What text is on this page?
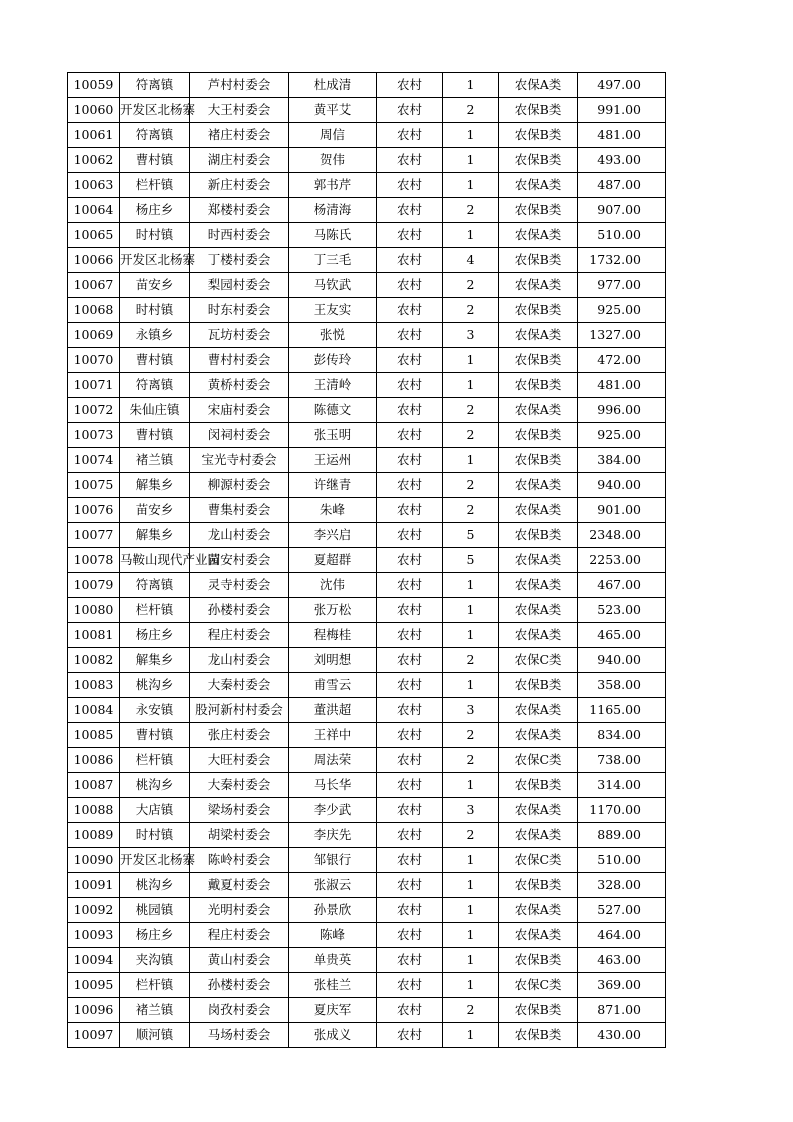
10059	符离镇	芦村村委会	杜成清	农村	1	农保A类	497.00
10060	开发区北杨寨	大王村委会	黄平艾	农村	2	农保B类	991.00
10061	符离镇	褚庄村委会	周信	农村	1	农保B类	481.00
10062	曹村镇	湖庄村委会	贺伟	农村	1	农保B类	493.00
10063	栏杆镇	新庄村委会	郭书芹	农村	1	农保A类	487.00
10064	杨庄乡	郑楼村委会	杨清海	农村	2	农保B类	907.00
10065	时村镇	时西村委会	马陈氏	农村	1	农保A类	510.00
10066	开发区北杨寨	丁楼村委会	丁三毛	农村	4	农保B类	1732.00
10067	苗安乡	梨园村委会	马钦武	农村	2	农保A类	977.00
10068	时村镇	时东村委会	王友实	农村	2	农保B类	925.00
10069	永镇乡	瓦坊村委会	张悦	农村	3	农保A类	1327.00
10070	曹村镇	曹村村委会	彭传玲	农村	1	农保B类	472.00
10071	符离镇	黄桥村委会	王清岭	农村	1	农保B类	481.00
10072	朱仙庄镇	宋庙村委会	陈德文	农村	2	农保A类	996.00
10073	曹村镇	闵祠村委会	张玉明	农村	2	农保B类	925.00
10074	褚兰镇	宝光寺村委会	王运州	农村	1	农保B类	384.00
10075	解集乡	柳源村委会	许继青	农村	2	农保A类	940.00
10076	苗安乡	曹集村委会	朱峰	农村	2	农保A类	901.00
10077	解集乡	龙山村委会	李兴启	农村	5	农保B类	2348.00
10078	马鞍山现代产业园	苗安村委会	夏超群	农村	5	农保A类	2253.00
10079	符离镇	灵寺村委会	沈伟	农村	1	农保A类	467.00
10080	栏杆镇	孙楼村委会	张万松	农村	1	农保A类	523.00
10081	杨庄乡	程庄村委会	程梅桂	农村	1	农保A类	465.00
10082	解集乡	龙山村委会	刘明想	农村	2	农保C类	940.00
10083	桃沟乡	大秦村委会	甫雪云	农村	1	农保B类	358.00
10084	永安镇	股河新村村委会	董洪超	农村	3	农保A类	1165.00
10085	曹村镇	张庄村委会	王祥中	农村	2	农保A类	834.00
10086	栏杆镇	大旺村委会	周法荣	农村	2	农保C类	738.00
10087	桃沟乡	大秦村委会	马长华	农村	1	农保B类	314.00
10088	大店镇	梁场村委会	李少武	农村	3	农保A类	1170.00
10089	时村镇	胡梁村委会	李庆先	农村	2	农保A类	889.00
10090	开发区北杨寨	陈岭村委会	邹银行	农村	1	农保C类	510.00
10091	桃沟乡	戴夏村委会	张淑云	农村	1	农保B类	328.00
10092	桃园镇	光明村委会	孙景欣	农村	1	农保A类	527.00
10093	杨庄乡	程庄村委会	陈峰	农村	1	农保A类	464.00
10094	夹沟镇	黄山村委会	单贵英	农村	1	农保B类	463.00
10095	栏杆镇	孙楼村委会	张桂兰	农村	1	农保C类	369.00
10096	褚兰镇	岗孜村委会	夏庆军	农村	2	农保B类	871.00
10097	顺河镇	马场村委会	张成义	农村	1	农保B类	430.00
